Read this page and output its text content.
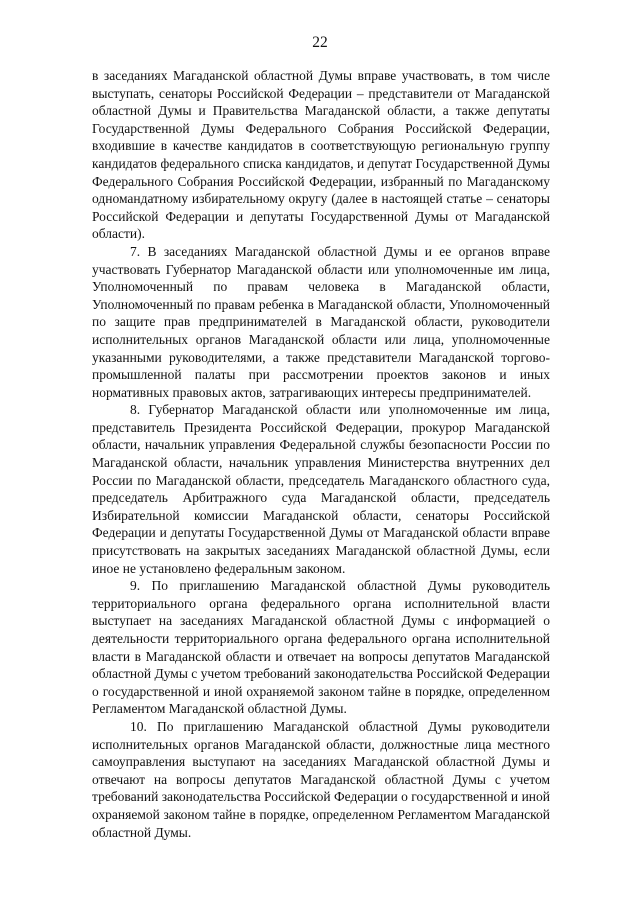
22

в заседаниях Магаданской областной Думы вправе участвовать, в том числе выступать, сенаторы Российской Федерации – представители от Магаданской областной Думы и Правительства Магаданской области, а также депутаты Государственной Думы Федерального Собрания Российской Федерации, входившие в качестве кандидатов в соответствующую региональную группу кандидатов федерального списка кандидатов, и депутат Государственной Думы Федерального Собрания Российской Федерации, избранный по Магаданскому одномандатному избирательному округу (далее в настоящей статье – сенаторы Российской Федерации и депутаты Государственной Думы от Магаданской области).

7. В заседаниях Магаданской областной Думы и ее органов вправе участвовать Губернатор Магаданской области или уполномоченные им лица, Уполномоченный по правам человека в Магаданской области, Уполномоченный по правам ребенка в Магаданской области, Уполномоченный по защите прав предпринимателей в Магаданской области, руководители исполнительных органов Магаданской области или лица, уполномоченные указанными руководителями, а также представители Магаданской торгово-промышленной палаты при рассмотрении проектов законов и иных нормативных правовых актов, затрагивающих интересы предпринимателей.

8. Губернатор Магаданской области или уполномоченные им лица, представитель Президента Российской Федерации, прокурор Магаданской области, начальник управления Федеральной службы безопасности России по Магаданской области, начальник управления Министерства внутренних дел России по Магаданской области, председатель Магаданского областного суда, председатель Арбитражного суда Магаданской области, председатель Избирательной комиссии Магаданской области, сенаторы Российской Федерации и депутаты Государственной Думы от Магаданской области вправе присутствовать на закрытых заседаниях Магаданской областной Думы, если иное не установлено федеральным законом.

9. По приглашению Магаданской областной Думы руководитель территориального органа федерального органа исполнительной власти выступает на заседаниях Магаданской областной Думы с информацией о деятельности территориального органа федерального органа исполнительной власти в Магаданской области и отвечает на вопросы депутатов Магаданской областной Думы с учетом требований законодательства Российской Федерации о государственной и иной охраняемой законом тайне в порядке, определенном Регламентом Магаданской областной Думы.

10. По приглашению Магаданской областной Думы руководители исполнительных органов Магаданской области, должностные лица местного самоуправления выступают на заседаниях Магаданской областной Думы и отвечают на вопросы депутатов Магаданской областной Думы с учетом требований законодательства Российской Федерации о государственной и иной охраняемой законом тайне в порядке, определенном Регламентом Магаданской областной Думы.
